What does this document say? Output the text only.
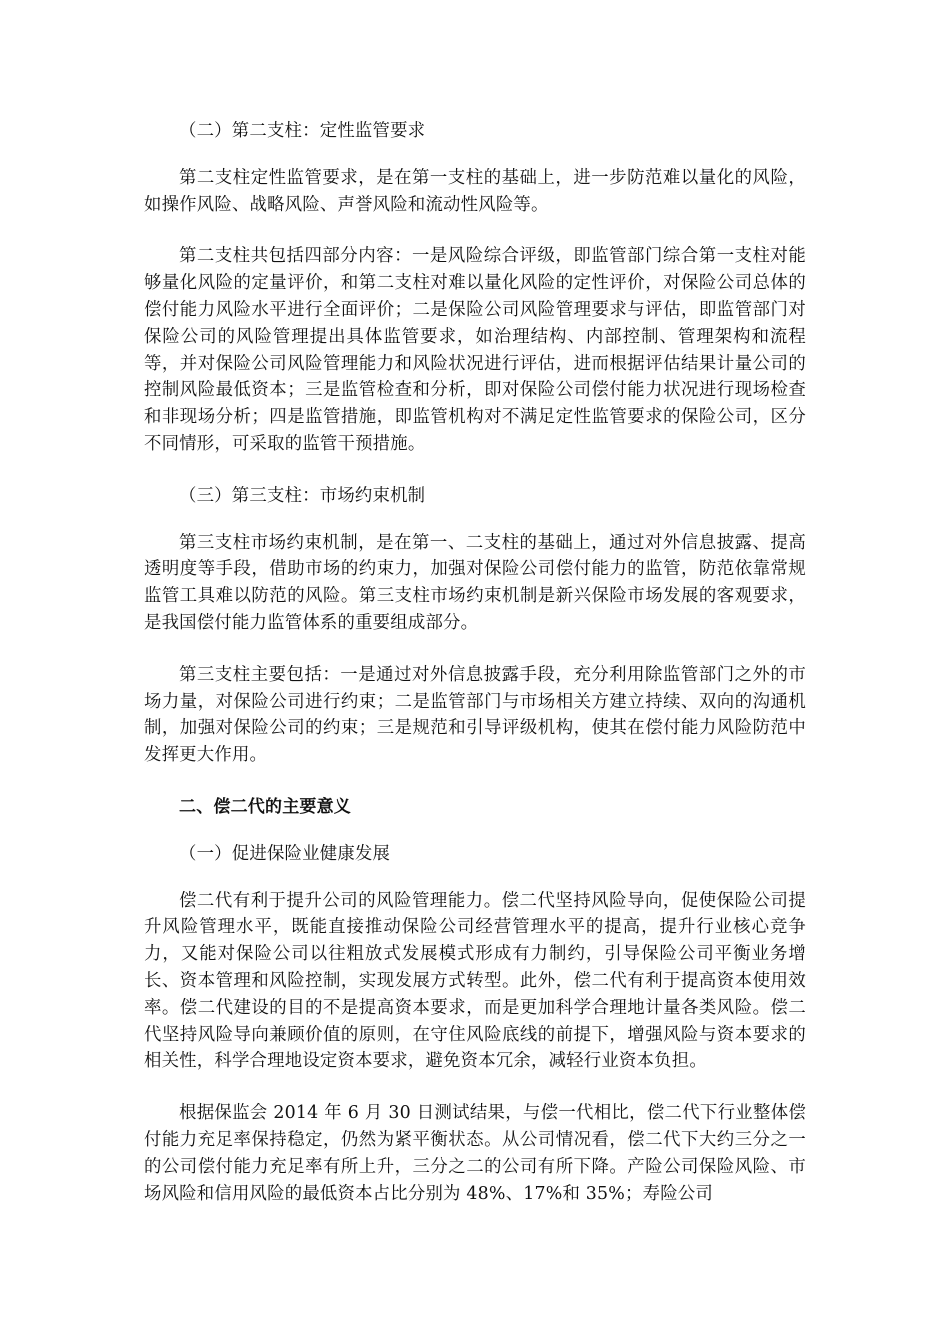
（二）第二支柱：定性监管要求

第二支柱定性监管要求，是在第一支柱的基础上，进一步防范难以量化的风险，如操作风险、战略风险、声誉风险和流动性风险等。

第二支柱共包括四部分内容：一是风险综合评级，即监管部门综合第一支柱对能够量化风险的定量评价，和第二支柱对难以量化风险的定性评价，对保险公司总体的偿付能力风险水平进行全面评价；二是保险公司风险管理要求与评估，即监管部门对保险公司的风险管理提出具体监管要求，如治理结构、内部控制、管理架构和流程等，并对保险公司风险管理能力和风险状况进行评估，进而根据评估结果计量公司的控制风险最低资本；三是监管检查和分析，即对保险公司偿付能力状况进行现场检查和非现场分析；四是监管措施，即监管机构对不满足定性监管要求的保险公司，区分不同情形，可采取的监管干预措施。

（三）第三支柱：市场约束机制

第三支柱市场约束机制，是在第一、二支柱的基础上，通过对外信息披露、提高透明度等手段，借助市场的约束力，加强对保险公司偿付能力的监管，防范依靠常规监管工具难以防范的风险。第三支柱市场约束机制是新兴保险市场发展的客观要求，是我国偿付能力监管体系的重要组成部分。

第三支柱主要包括：一是通过对外信息披露手段，充分利用除监管部门之外的市场力量，对保险公司进行约束；二是监管部门与市场相关方建立持续、双向的沟通机制，加强对保险公司的约束；三是规范和引导评级机构，使其在偿付能力风险防范中发挥更大作用。

二、偿二代的主要意义

（一）促进保险业健康发展

偿二代有利于提升公司的风险管理能力。偿二代坚持风险导向，促使保险公司提升风险管理水平，既能直接推动保险公司经营管理水平的提高，提升行业核心竞争力，又能对保险公司以往粗放式发展模式形成有力制约，引导保险公司平衡业务增长、资本管理和风险控制，实现发展方式转型。此外，偿二代有利于提高资本使用效率。偿二代建设的目的不是提高资本要求，而是更加科学合理地计量各类风险。偿二代坚持风险导向兼顾价值的原则，在守住风险底线的前提下，增强风险与资本要求的相关性，科学合理地设定资本要求，避免资本冗余，减轻行业资本负担。

根据保监会 2014 年 6 月 30 日测试结果，与偿一代相比，偿二代下行业整体偿付能力充足率保持稳定，仍然为紧平衡状态。从公司情况看，偿二代下大约三分之一的公司偿付能力充足率有所上升，三分之二的公司有所下降。产险公司保险风险、市场风险和信用风险的最低资本占比分别为 48%、17%和 35%；寿险公司
